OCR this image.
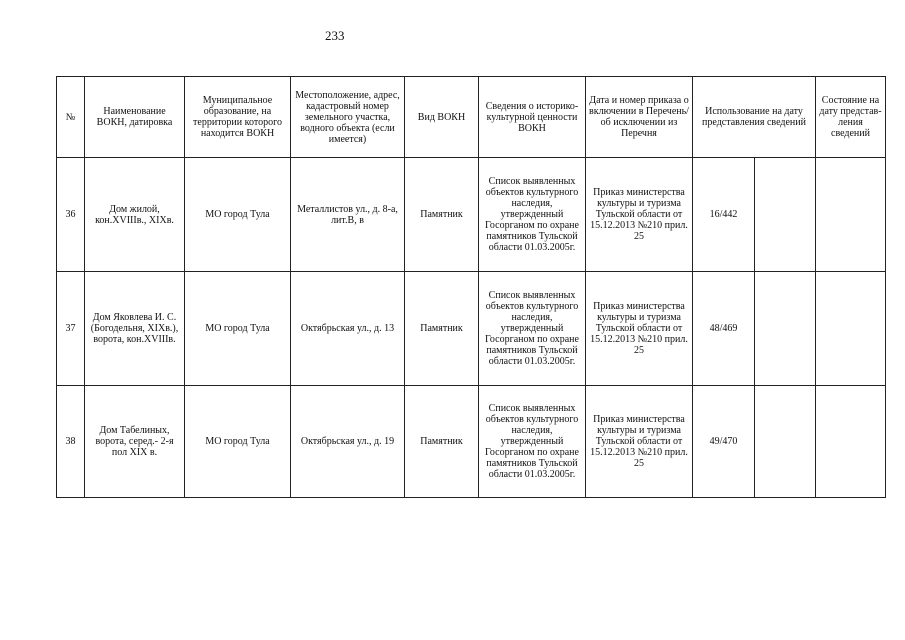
233
№	Наименование ВОКН, датировка	Муниципальное образование, на территории которого находится ВОКН	Местоположение, адрес, кадастровый номер земельного участка, водного объекта (если имеется)	Вид ВОКН	Сведения о историко-культурной ценности ВОКН	Дата и номер приказа о включении в Перечень/ об исключении из Перечня	Использование на дату представления сведений		Состояние на дату представ-ления сведений
36	Дом жилой, кон.XVIIIв., XIXв.	МО город Тула	Металлистов ул., д. 8-а, лит.В, в	Памятник	Список выявленных объектов культурного наследия, утвержденный Госорганом по охране памятников Тульской области 01.03.2005г.	Приказ министерства культуры и туризма Тульской области от 15.12.2013 №210 прил. 25	16/442		
37	Дом Яковлева И. С. (Богодельня, XIXв.), ворота, кон.XVIIIв.	МО город Тула	Октябрьская ул., д. 13	Памятник	Список выявленных объектов культурного наследия, утвержденный Госорганом по охране памятников Тульской области 01.03.2005г.	Приказ министерства культуры и туризма Тульской области от 15.12.2013 №210 прил. 25	48/469		
38	Дом Табелиных, ворота, серед.- 2-я пол XIX в.	МО город Тула	Октябрьская ул., д. 19	Памятник	Список выявленных объектов культурного наследия, утвержденный Госорганом по охране памятников Тульской области 01.03.2005г.	Приказ министерства культуры и туризма Тульской области от 15.12.2013 №210 прил. 25	49/470		
